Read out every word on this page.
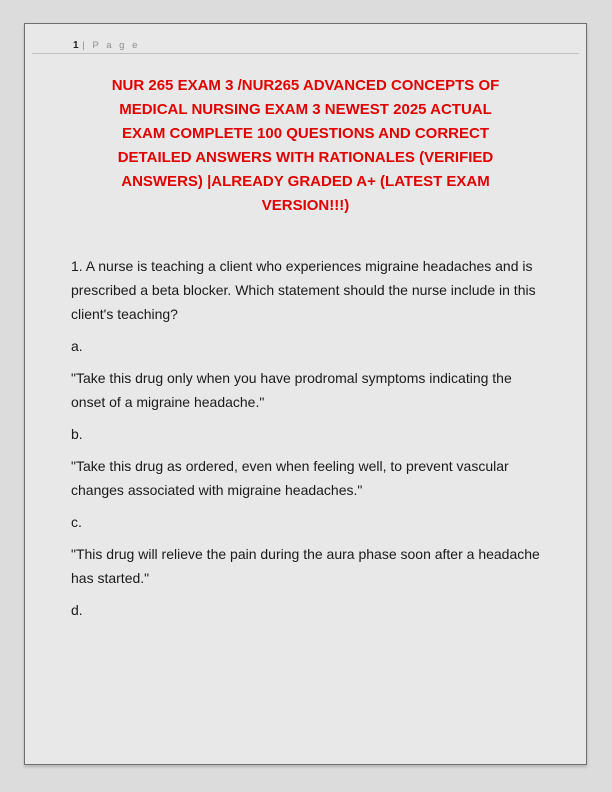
1 | P a g e
NUR 265 EXAM 3 /NUR265 ADVANCED CONCEPTS OF
MEDICAL NURSING EXAM 3 NEWEST 2025 ACTUAL
EXAM COMPLETE 100 QUESTIONS AND CORRECT
DETAILED ANSWERS WITH RATIONALES (VERIFIED
ANSWERS) |ALREADY GRADED A+ (LATEST EXAM
VERSION!!!)

1. A nurse is teaching a client who experiences migraine headaches and is prescribed a beta blocker. Which statement should the nurse include in this client's teaching?

a.

"Take this drug only when you have prodromal symptoms indicating the onset of a migraine headache."

b.

"Take this drug as ordered, even when feeling well, to prevent vascular changes associated with migraine headaches."

c.

"This drug will relieve the pain during the aura phase soon after a headache has started."

d.
